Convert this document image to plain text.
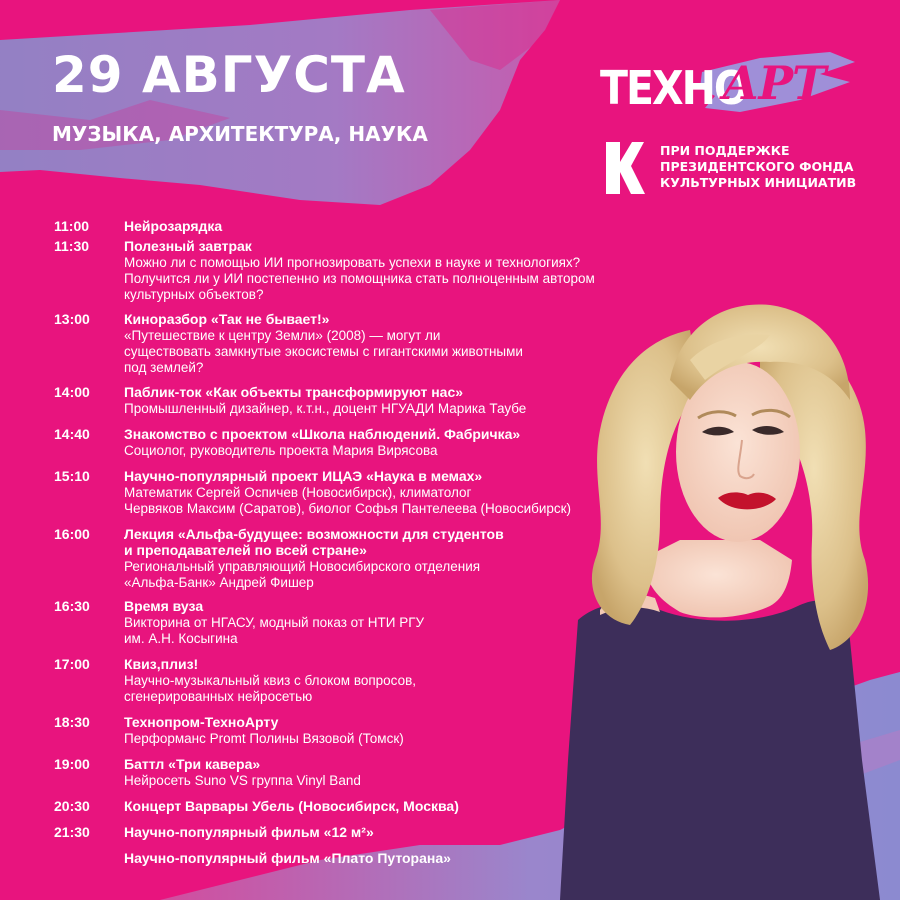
29 АВГУСТА
МУЗЫКА, АРХИТЕКТУРА, НАУКА
ТЕХНО
АРТ
ПРИ ПОДДЕРЖКЕ
ПРЕЗИДЕНТСКОГО ФОНДА
КУЛЬТУРНЫХ ИНИЦИАТИВ
11:00 Нейрозарядка
11:30 Полезный завтрак

Можно ли с помощью ИИ прогнозировать успехи в науке и технологиях?
Получится ли у ИИ постепенно из помощника стать полноценным автором
культурных объектов?

13:00 Киноразбор «Так не бывает!»

«Путешествие к центру Земли» (2008) — могут ли
существовать замкнутые экосистемы с гигантскими животными
под землей?

14:00 Паблик-ток «Как объекты трансформируют нас»

Промышленный дизайнер, к.т.н., доцент НГУАДИ Марика Таубе

14:40 Знакомство с проектом «Школа наблюдений. Фабричка»

Социолог, руководитель проекта Мария Вирясова

15:10 Научно-популярный проект ИЦАЭ «Наука в мемах»

Математик Сергей Оспичев (Новосибирск), климатолог
Червяков Максим (Саратов), биолог Софья Пантелеева (Новосибирск)

16:00 Лекция «Альфа-будущее: возможности для студентов
и преподавателей по всей стране»

Региональный управляющий Новосибирского отделения
«Альфа-Банк» Андрей Фишер

16:30 Время вуза

Викторина от НГАСУ, модный показ от НТИ РГУ
им. А.Н. Косыгина

17:00 Квиз,плиз!

Научно-музыкальный квиз с блоком вопросов,
сгенерированных нейросетью

18:30 Технопром-ТехноАрту

Перформанс Promt Полины Вязовой (Томск)

19:00 Баттл «Три кавера»

Нейросеть Suno VS группа Vinyl Band

20:30 Концерт Варвары Убель (Новосибирск, Москва)
21:30 Научно-популярный фильм «12 м²»
Научно-популярный фильм «Плато Путорана»
